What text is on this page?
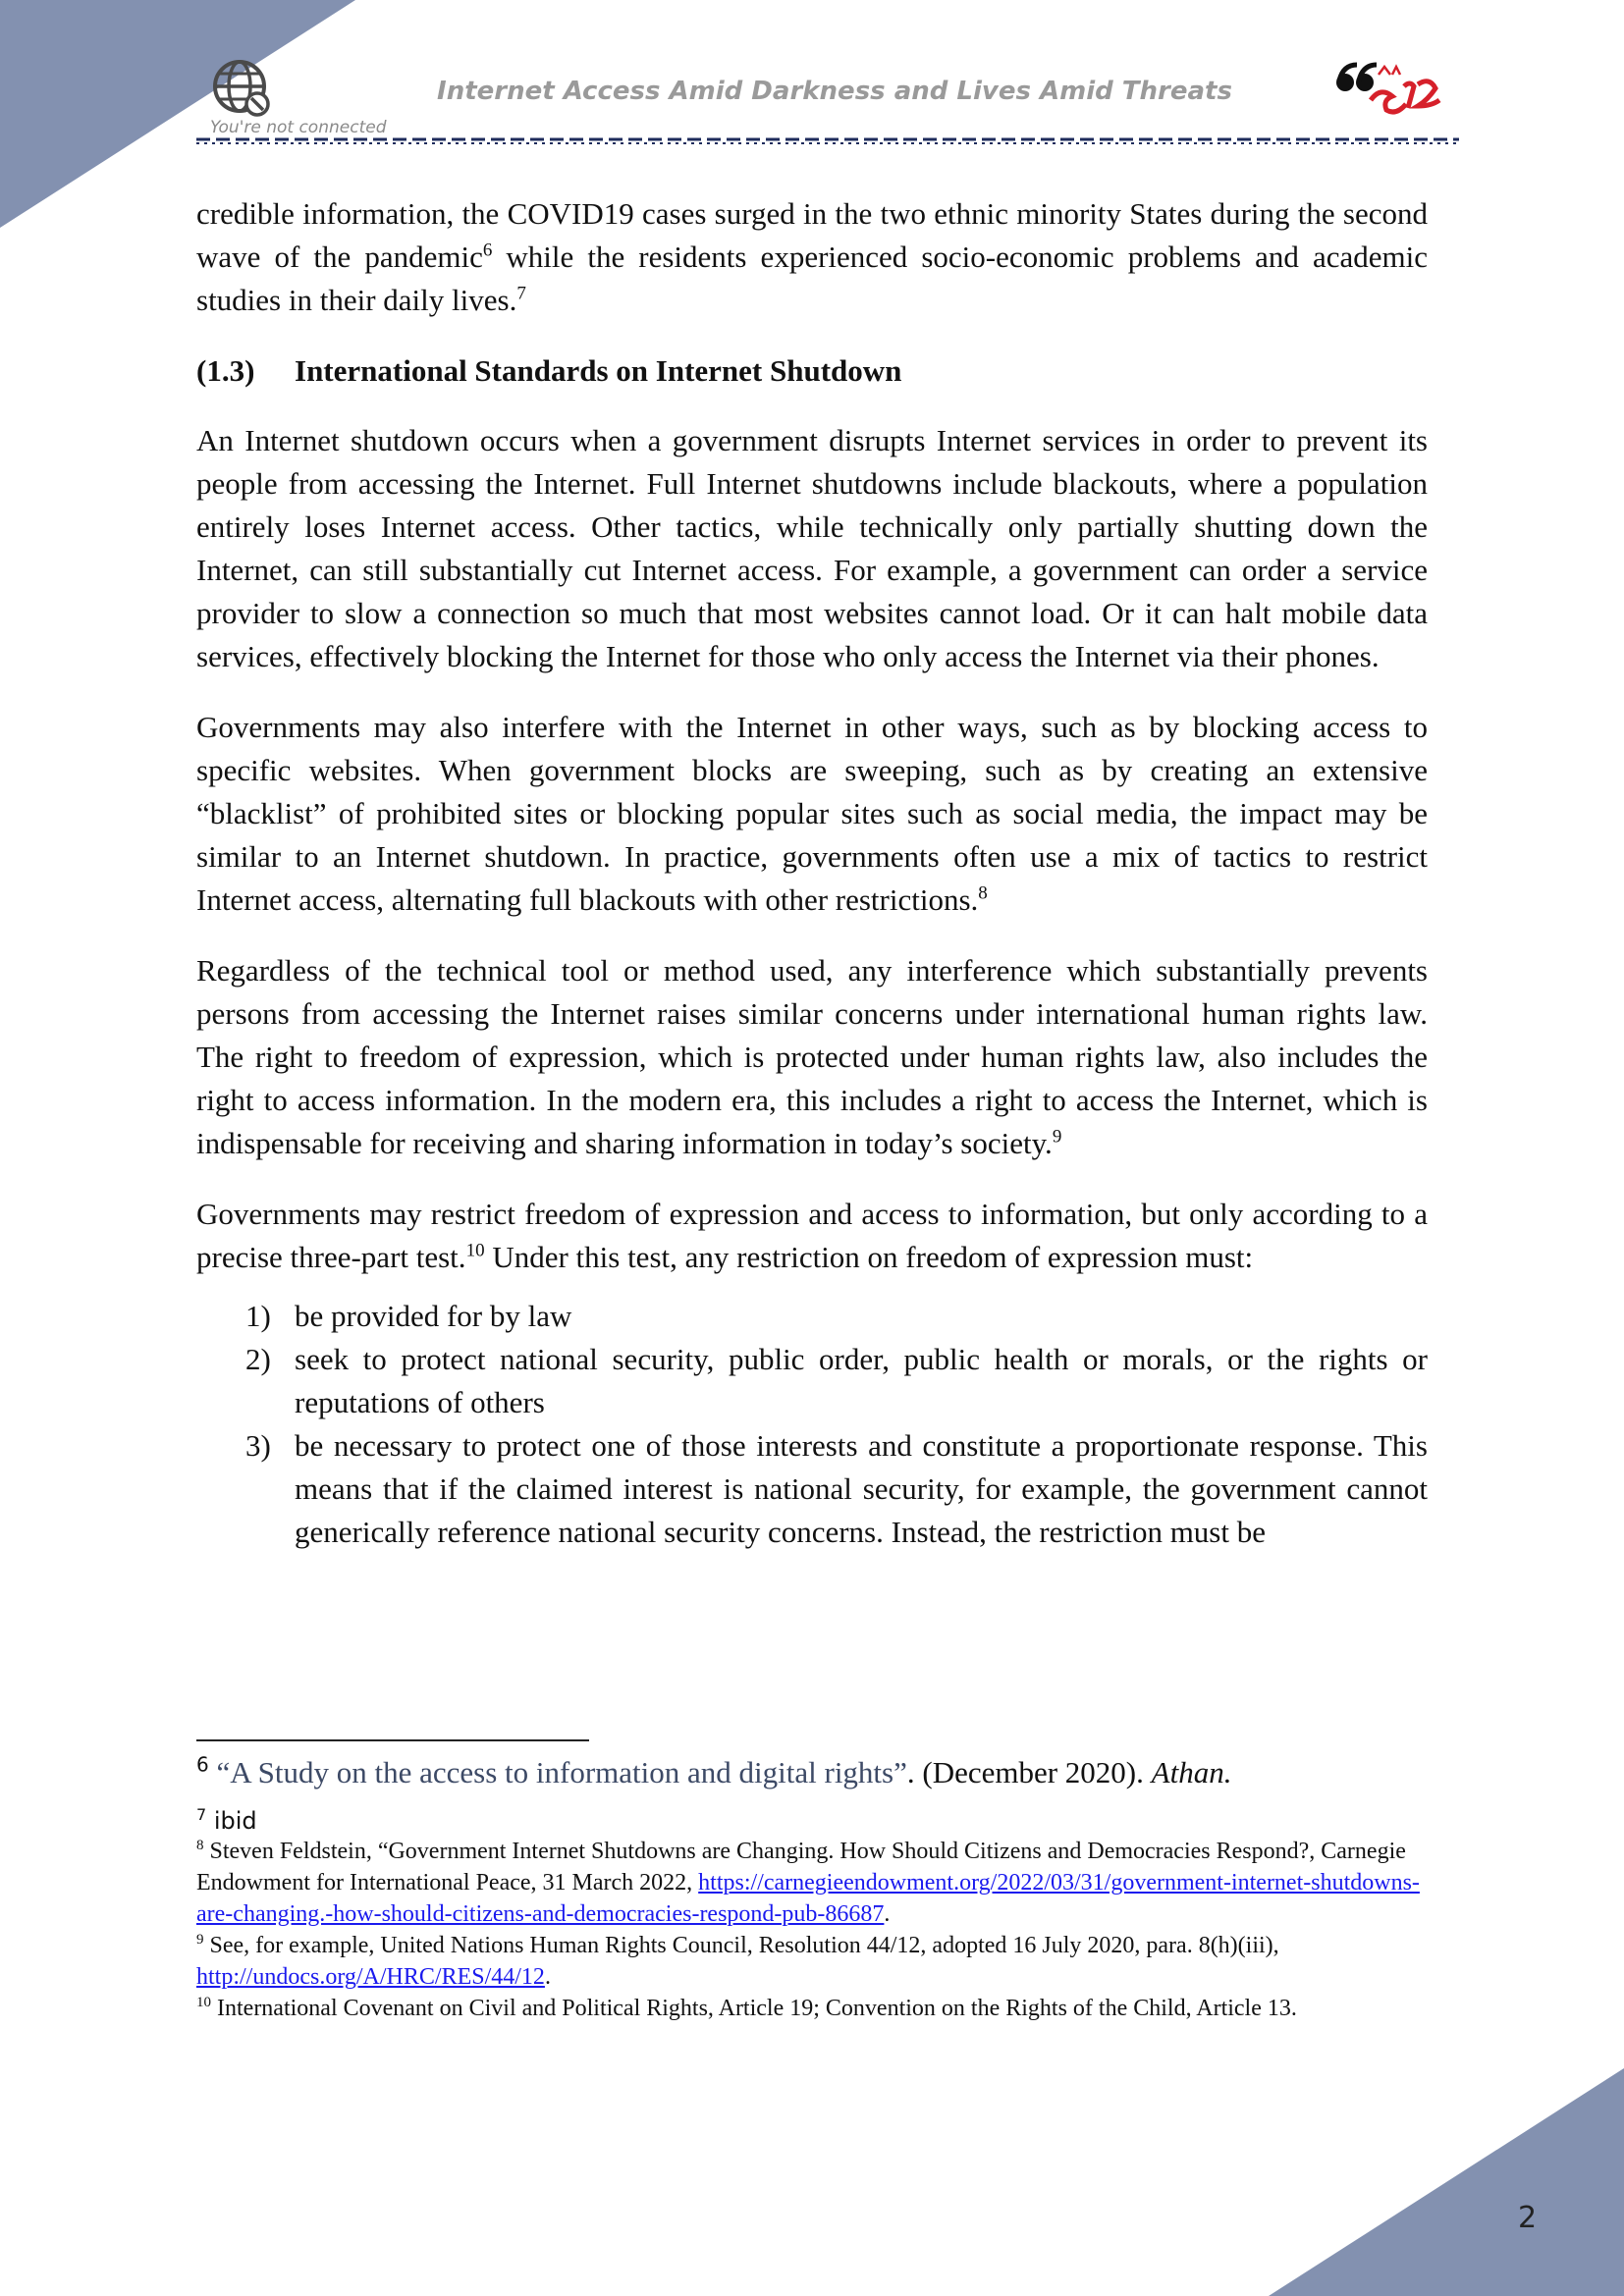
You're not connected
Internet Access Amid Darkness and Lives Amid Threats

credible information, the COVID19 cases surged in the two ethnic minority States during the second wave of the pandemic$^6$ while the residents experienced socio-economic problems and academic studies in their daily lives.$^7$

(1.3) International Standards on Internet Shutdown

An Internet shutdown occurs when a government disrupts Internet services in order to prevent its people from accessing the Internet. Full Internet shutdowns include blackouts, where a population entirely loses Internet access. Other tactics, while technically only partially shutting down the Internet, can still substantially cut Internet access. For example, a government can order a service provider to slow a connection so much that most websites cannot load. Or it can halt mobile data services, effectively blocking the Internet for those who only access the Internet via their phones.

Governments may also interfere with the Internet in other ways, such as by blocking access to specific websites. When government blocks are sweeping, such as by creating an extensive “blacklist” of prohibited sites or blocking popular sites such as social media, the impact may be similar to an Internet shutdown. In practice, governments often use a mix of tactics to restrict Internet access, alternating full blackouts with other restrictions.$^8$

Regardless of the technical tool or method used, any interference which substantially prevents persons from accessing the Internet raises similar concerns under international human rights law. The right to freedom of expression, which is protected under human rights law, also includes the right to access information. In the modern era, this includes a right to access the Internet, which is indispensable for receiving and sharing information in today’s society.$^9$

Governments may restrict freedom of expression and access to information, but only according to a precise three-part test.$^{10}$ Under this test, any restriction on freedom of expression must:

1) be provided for by law
2) seek to protect national security, public order, public health or morals, or the rights or reputations of others
3) be necessary to protect one of those interests and constitute a proportionate response. This means that if the claimed interest is national security, for example, the government cannot generically reference national security concerns. Instead, the restriction must be
$^6$ “A Study on the access to information and digital rights”. (December 2020). Athan.
$^7$ ibid
$^8$ Steven Feldstein, “Government Internet Shutdowns are Changing. How Should Citizens and Democracies Respond?, Carnegie Endowment for International Peace, 31 March 2022, https://carnegieendowment.org/2022/03/31/government-internet-shutdowns-are-changing.-how-should-citizens-and-democracies-respond-pub-86687.
$^9$ See, for example, United Nations Human Rights Council, Resolution 44/12, adopted 16 July 2020, para. 8(h)(iii), http://undocs.org/A/HRC/RES/44/12.
$^{10}$ International Covenant on Civil and Political Rights, Article 19; Convention on the Rights of the Child, Article 13.
2
